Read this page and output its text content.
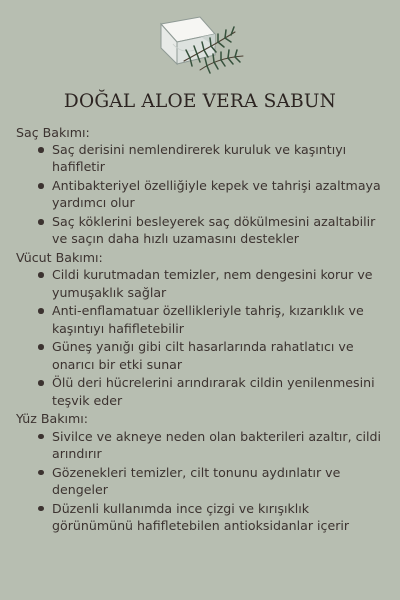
DOĞAL ALOE VERA SABUN
Saç Bakımı:
Saç derisini nemlendirerek kuruluk ve kaşıntıyı hafifletir
Antibakteriyel özelliğiyle kepek ve tahrişi azaltmaya yardımcı olur
Saç köklerini besleyerek saç dökülmesini azaltabilir ve saçın daha hızlı uzamasını destekler
Vücut Bakımı:
Cildi kurutmadan temizler, nem dengesini korur ve yumuşaklık sağlar
Anti-enflamatuar özellikleriyle tahriş, kızarıklık ve kaşıntıyı hafifletebilir
Güneş yanığı gibi cilt hasarlarında rahatlatıcı ve onarıcı bir etki sunar
Ölü deri hücrelerini arındırarak cildin yenilenmesini teşvik eder
Yüz Bakımı:
Sivilce ve akneye neden olan bakterileri azaltır, cildi arındırır
Gözenekleri temizler, cilt tonunu aydınlatır ve dengeler
Düzenli kullanımda ince çizgi ve kırışıklık görünümünü hafifletebilen antioksidanlar içerir
